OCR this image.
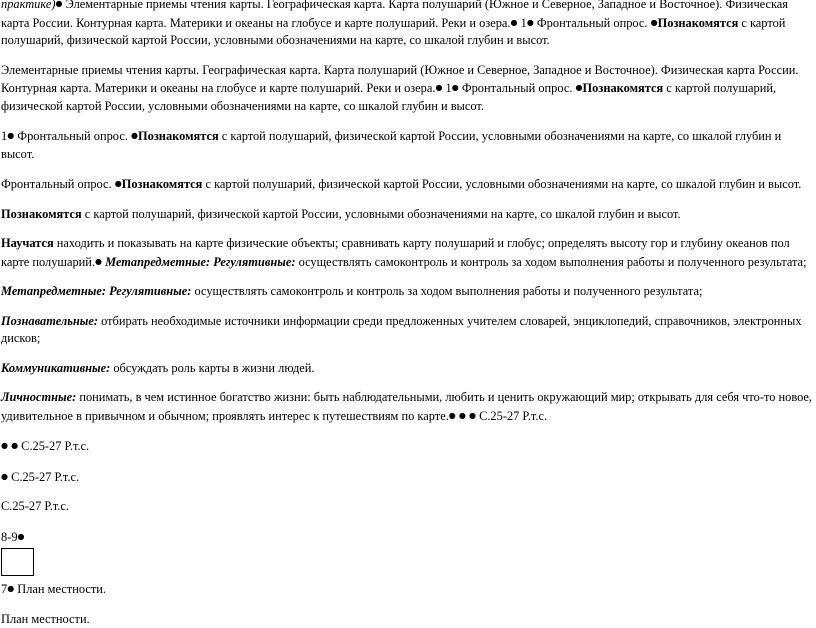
практике)● Элементарные приемы чтения карты. Географическая карта. Карта полушарий (Южное и Северное, Западное и Восточное). Физическая карта России. Контурная карта. Материки и океаны на глобусе и карте полушарий. Реки и озера.● 1● Фронтальный опрос. ●Познакомятся с картой полушарий, физической картой России, условными обозначениями на карте, со шкалой глубин и высот.

Элементарные приемы чтения карты. Географическая карта. Карта полушарий (Южное и Северное, Западное и Восточное). Физическая карта России. Контурная карта. Материки и океаны на глобусе и карте полушарий. Реки и озера.● 1● Фронтальный опрос. ●Познакомятся с картой полушарий, физической картой России, условными обозначениями на карте, со шкалой глубин и высот.

1● Фронтальный опрос. ●Познакомятся с картой полушарий, физической картой России, условными обозначениями на карте, со шкалой глубин и высот.

Фронтальный опрос. ●Познакомятся с картой полушарий, физической картой России, условными обозначениями на карте, со шкалой глубин и высот.

Познакомятся с картой полушарий, физической картой России, условными обозначениями на карте, со шкалой глубин и высот.

Научатся находить и показывать на карте физические объекты; сравнивать карту полушарий и глобус; определять высоту гор и глубину океанов пол карте полушарий.● Метапредметные: Регулятивные: осуществлять самоконтроль и контроль за ходом выполнения работы и полученного результата;

Метапредметные: Регулятивные: осуществлять самоконтроль и контроль за ходом выполнения работы и полученного результата;

Познавательные: отбирать необходимые источники информации среди предложенных учителем словарей, энциклопедий, справочников, электронных дисков;

Коммуникативные: обсуждать роль карты в жизни людей.

Личностные: понимать, в чем истинное богатство жизни: быть наблюдательными, любить и ценить окружающий мир; открывать для себя что-то новое, удивительное в привычном и обычном; проявлять интерес к путешествиям по карте.● ● ● С.25-27 Р.т.с.

● ● С.25-27 Р.т.с.

● С.25-27 Р.т.с.

С.25-27 Р.т.с.

8-9●

7● План местности.

План местности.
